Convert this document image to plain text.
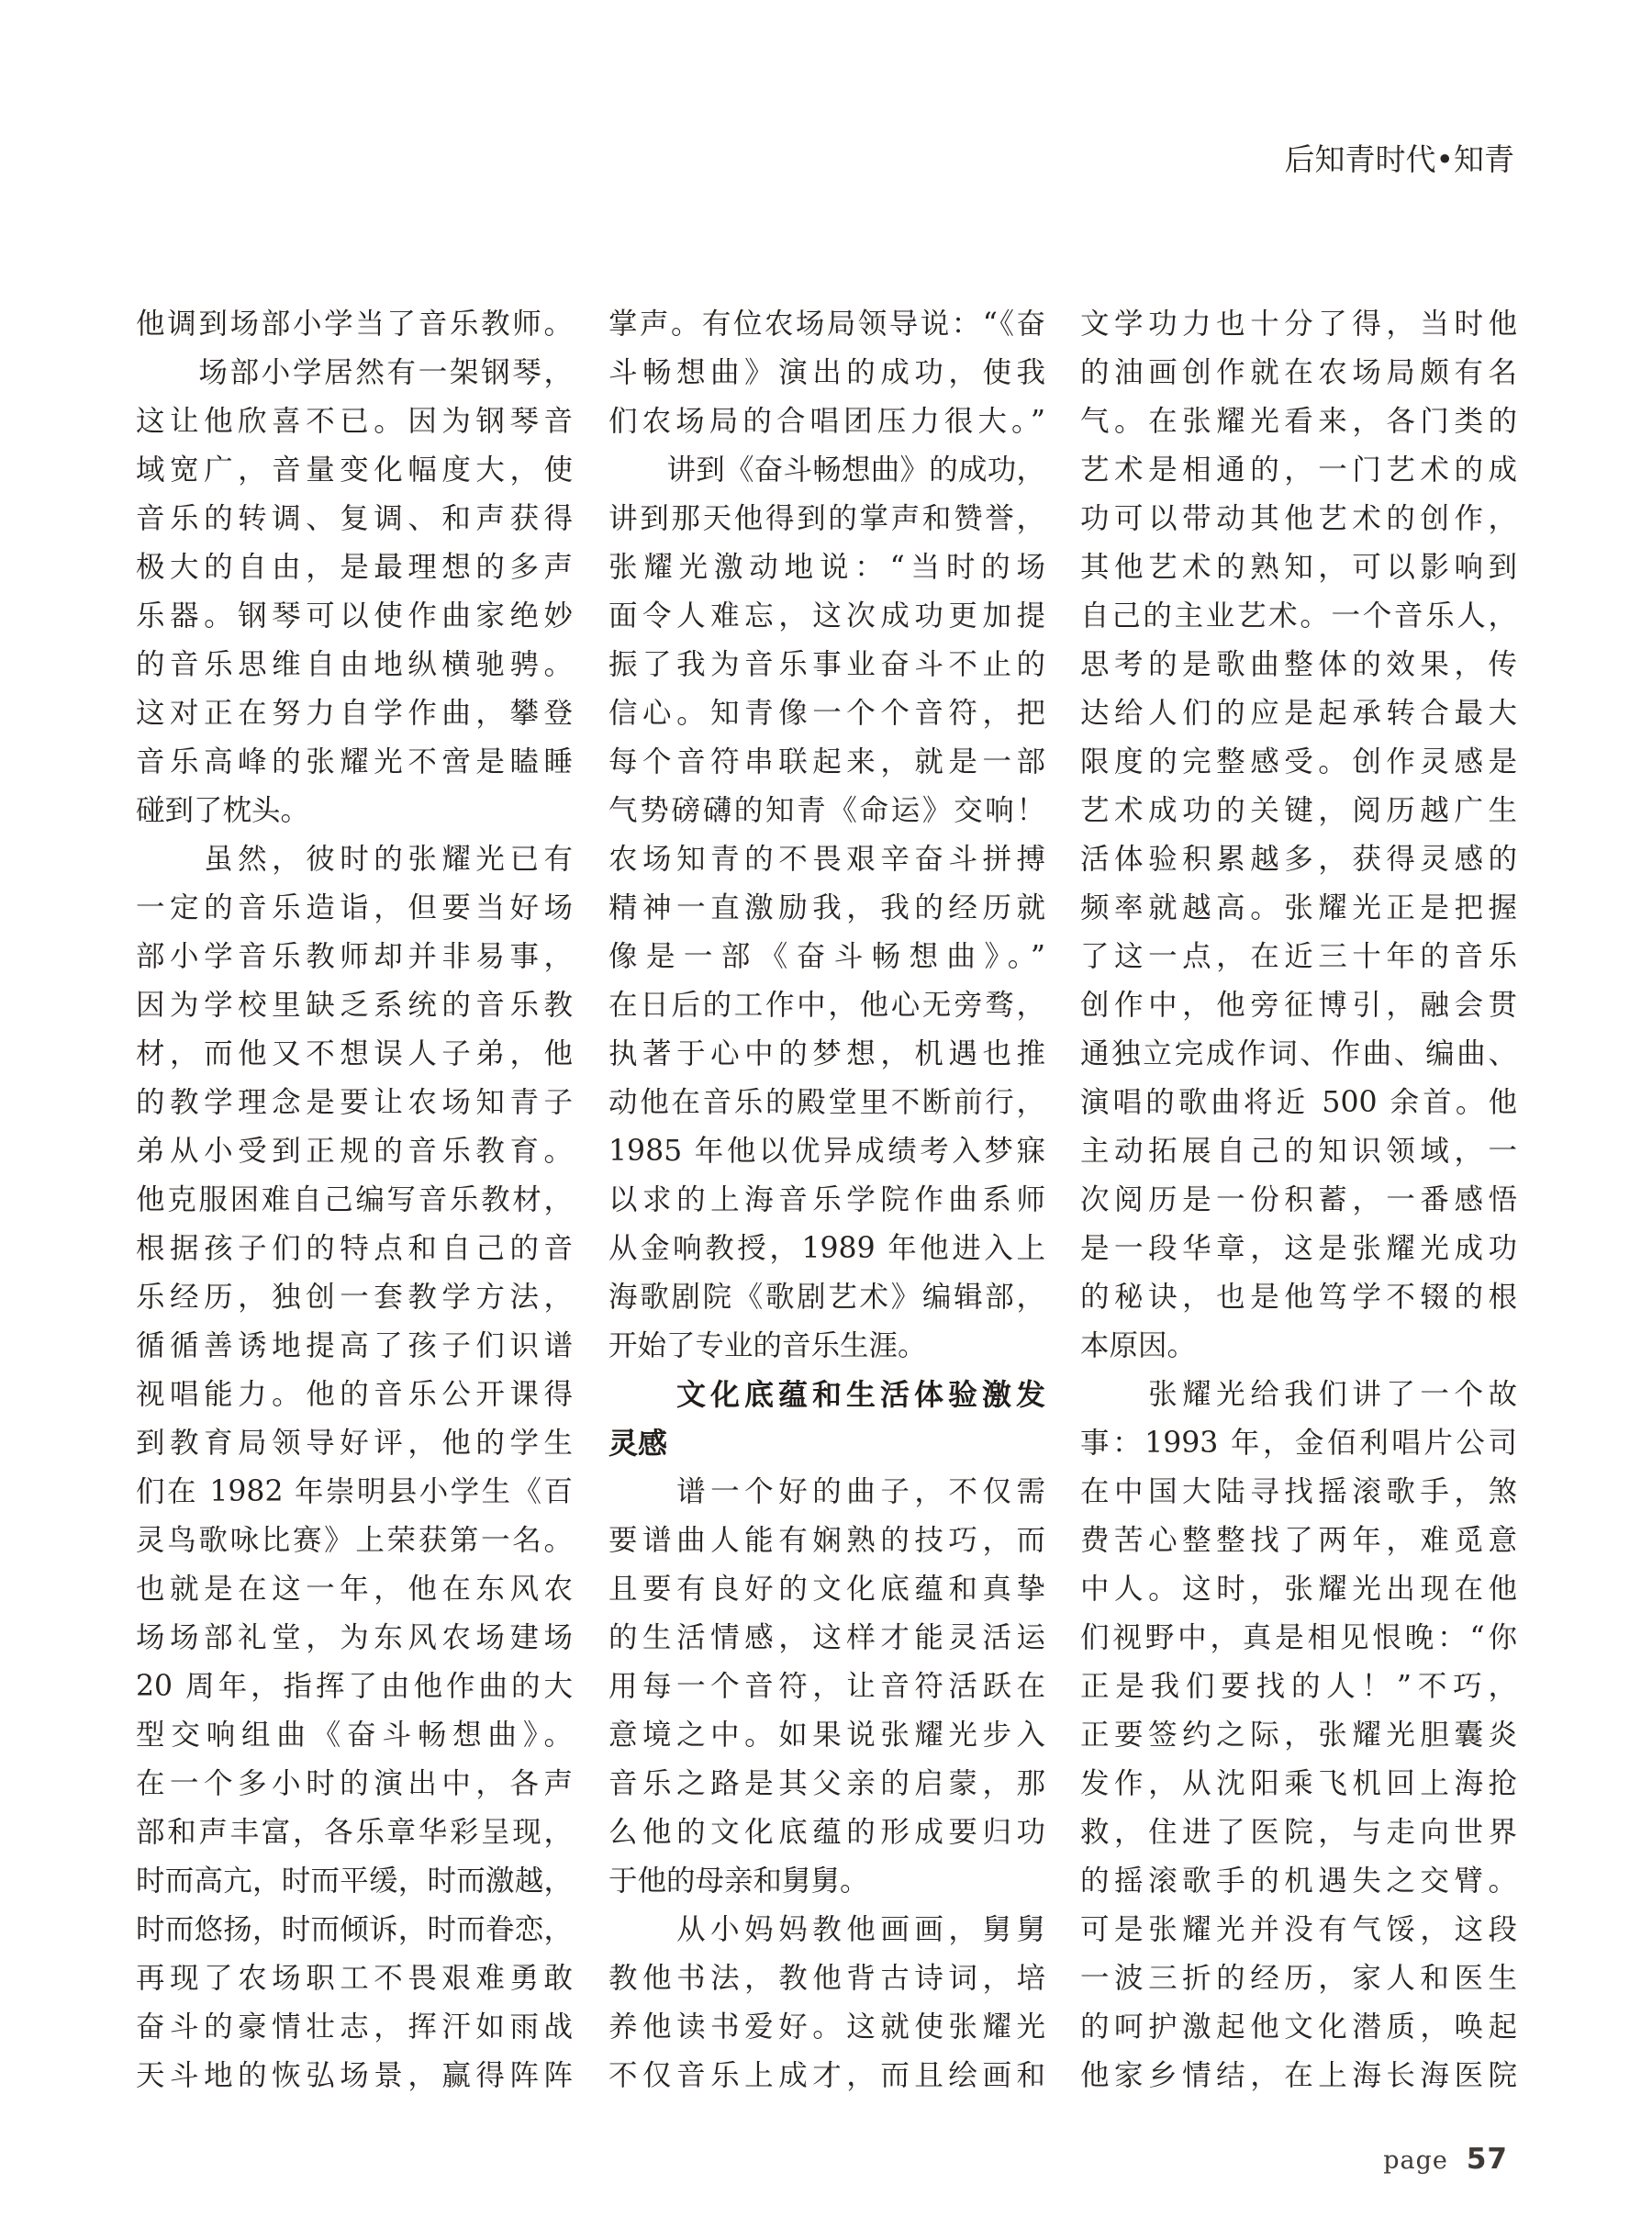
后知青时代•知青
他调到场部小学当了音乐教师。
　　场部小学居然有一架钢琴，
这让他欣喜不已。因为钢琴音
域宽广，音量变化幅度大，使
音乐的转调、复调、和声获得
极大的自由，是最理想的多声
乐器。钢琴可以使作曲家绝妙
的音乐思维自由地纵横驰骋。
这对正在努力自学作曲，攀登
音乐高峰的张耀光不啻是瞌睡
碰到了枕头。
　　虽然，彼时的张耀光已有
一定的音乐造诣，但要当好场
部小学音乐教师却并非易事，
因为学校里缺乏系统的音乐教
材，而他又不想误人子弟，他
的教学理念是要让农场知青子
弟从小受到正规的音乐教育。
他克服困难自己编写音乐教材，
根据孩子们的特点和自己的音
乐经历，独创一套教学方法，
循循善诱地提高了孩子们识谱
视唱能力。他的音乐公开课得
到教育局领导好评，他的学生
们在 1982 年崇明县小学生《百
灵鸟歌咏比赛》上荣获第一名。
也就是在这一年，他在东风农
场场部礼堂，为东风农场建场
20 周年，指挥了由他作曲的大
型交响组曲《奋斗畅想曲》。
在一个多小时的演出中，各声
部和声丰富，各乐章华彩呈现，
时而高亢，时而平缓，时而激越，
时而悠扬，时而倾诉，时而眷恋，
再现了农场职工不畏艰难勇敢
奋斗的豪情壮志，挥汗如雨战
天斗地的恢弘场景，赢得阵阵
掌声。有位农场局领导说：“《奋
斗畅想曲》演出的成功，使我
们农场局的合唱团压力很大。”
　　讲到《奋斗畅想曲》的成功，
讲到那天他得到的掌声和赞誉，
张耀光激动地说：“当时的场
面令人难忘，这次成功更加提
振了我为音乐事业奋斗不止的
信心。知青像一个个音符，把
每个音符串联起来，就是一部
气势磅礴的知青《命运》交响！
农场知青的不畏艰辛奋斗拼搏
精神一直激励我，我的经历就
像是一部《奋斗畅想曲》。”
在日后的工作中，他心无旁骛，
执著于心中的梦想，机遇也推
动他在音乐的殿堂里不断前行，
1985 年他以优异成绩考入梦寐
以求的上海音乐学院作曲系师
从金响教授，1989 年他进入上
海歌剧院《歌剧艺术》编辑部，
开始了专业的音乐生涯。
　　文化底蕴和生活体验激发
灵感
　　谱一个好的曲子，不仅需
要谱曲人能有娴熟的技巧，而
且要有良好的文化底蕴和真挚
的生活情感，这样才能灵活运
用每一个音符，让音符活跃在
意境之中。如果说张耀光步入
音乐之路是其父亲的启蒙，那
么他的文化底蕴的形成要归功
于他的母亲和舅舅。
　　从小妈妈教他画画，舅舅
教他书法，教他背古诗词，培
养他读书爱好。这就使张耀光
不仅音乐上成才，而且绘画和
文学功力也十分了得，当时他
的油画创作就在农场局颇有名
气。在张耀光看来，各门类的
艺术是相通的，一门艺术的成
功可以带动其他艺术的创作，
其他艺术的熟知，可以影响到
自己的主业艺术。一个音乐人，
思考的是歌曲整体的效果，传
达给人们的应是起承转合最大
限度的完整感受。创作灵感是
艺术成功的关键，阅历越广生
活体验积累越多，获得灵感的
频率就越高。张耀光正是把握
了这一点，在近三十年的音乐
创作中，他旁征博引，融会贯
通独立完成作词、作曲、编曲、
演唱的歌曲将近 500 余首。他
主动拓展自己的知识领域，一
次阅历是一份积蓄，一番感悟
是一段华章，这是张耀光成功
的秘诀，也是他笃学不辍的根
本原因。
　　张耀光给我们讲了一个故
事：1993 年，金佰利唱片公司
在中国大陆寻找摇滚歌手，煞
费苦心整整找了两年，难觅意
中人。这时，张耀光出现在他
们视野中，真是相见恨晚：“你
正是我们要找的人！”不巧，
正要签约之际，张耀光胆囊炎
发作，从沈阳乘飞机回上海抢
救，住进了医院，与走向世界
的摇滚歌手的机遇失之交臂。
可是张耀光并没有气馁，这段
一波三折的经历，家人和医生
的呵护激起他文化潜质，唤起
他家乡情结，在上海长海医院
page 57
